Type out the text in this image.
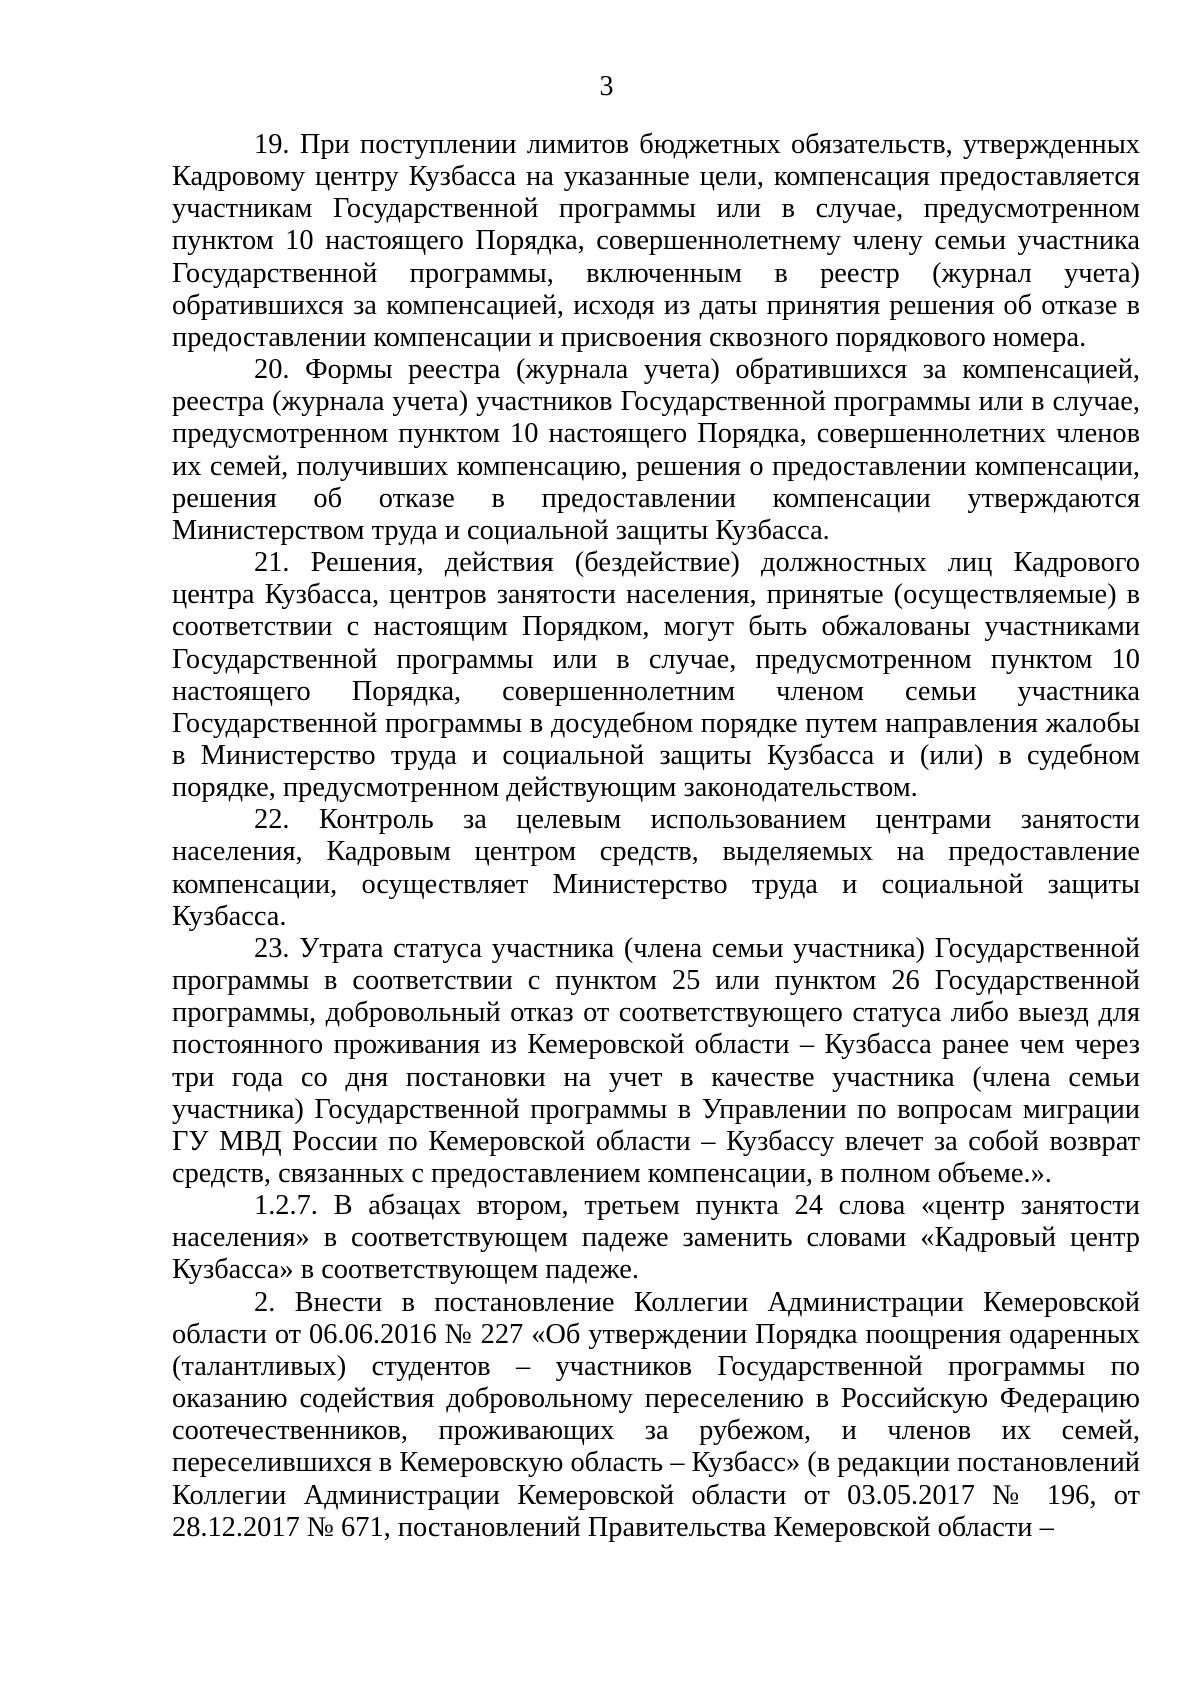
3

19. При поступлении лимитов бюджетных обязательств, утвержденных Кадровому центру Кузбасса на указанные цели, компенсация предоставляется участникам Государственной программы или в случае, предусмотренном пунктом 10 настоящего Порядка, совершеннолетнему члену семьи участника Государственной программы, включенным в реестр (журнал учета) обратившихся за компенсацией, исходя из даты принятия решения об отказе в предоставлении компенсации и присвоения сквозного порядкового номера.

20. Формы реестра (журнала учета) обратившихся за компенсацией, реестра (журнала учета) участников Государственной программы или в случае, предусмотренном пунктом 10 настоящего Порядка, совершеннолетних членов их семей, получивших компенсацию, решения о предоставлении компенсации, решения об отказе в предоставлении компенсации утверждаются Министерством труда и социальной защиты Кузбасса.

21. Решения, действия (бездействие) должностных лиц Кадрового центра Кузбасса, центров занятости населения, принятые (осуществляемые) в соответствии с настоящим Порядком, могут быть обжалованы участниками Государственной программы или в случае, предусмотренном пунктом 10 настоящего Порядка, совершеннолетним членом семьи участника Государственной программы в досудебном порядке путем направления жалобы в Министерство труда и социальной защиты Кузбасса и (или) в судебном порядке, предусмотренном действующим законодательством.

22. Контроль за целевым использованием центрами занятости населения, Кадровым центром средств, выделяемых на предоставление компенсации, осуществляет Министерство труда и социальной защиты Кузбасса.

23. Утрата статуса участника (члена семьи участника) Государственной программы в соответствии с пунктом 25 или пунктом 26 Государственной программы, добровольный отказ от соответствующего статуса либо выезд для постоянного проживания из Кемеровской области – Кузбасса ранее чем через три года со дня постановки на учет в качестве участника (члена семьи участника) Государственной программы в Управлении по вопросам миграции ГУ МВД России по Кемеровской области – Кузбассу влечет за собой возврат средств, связанных с предоставлением компенсации, в полном объеме.».

1.2.7. В абзацах втором, третьем пункта 24 слова «центр занятости населения» в соответствующем падеже заменить словами «Кадровый центр Кузбасса» в соответствующем падеже.

2. Внести в постановление Коллегии Администрации Кемеровской области от 06.06.2016 № 227 «Об утверждении Порядка поощрения одаренных (талантливых) студентов – участников Государственной программы по оказанию содействия добровольному переселению в Российскую Федерацию соотечественников, проживающих за рубежом, и членов их семей, переселившихся в Кемеровскую область – Кузбасс» (в редакции постановлений Коллегии Администрации Кемеровской области от 03.05.2017 № 196, от 28.12.2017 № 671, постановлений Правительства Кемеровской области –
